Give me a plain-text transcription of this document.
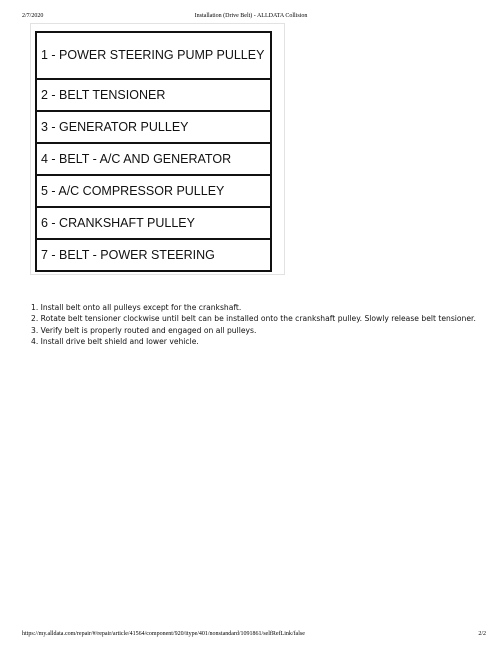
2/7/2020	Installation (Drive Belt) - ALLDATA Collision
1 - POWER STEERING PUMP PULLEY
2 - BELT TENSIONER
3 - GENERATOR PULLEY
4 - BELT - A/C AND GENERATOR
5 - A/C COMPRESSOR PULLEY
6 - CRANKSHAFT PULLEY
7 - BELT - POWER STEERING

1. Install belt onto all pulleys except for the crankshaft.

2. Rotate belt tensioner clockwise until belt can be installed onto the crankshaft pulley. Slowly release belt tensioner.

3. Verify belt is properly routed and engaged on all pulleys.

4. Install drive belt shield and lower vehicle.

https://my.alldata.com/repair/#/repair/article/41564/component/920/itype/401/nonstandard/1091861/selfRefLink/false	2/2
